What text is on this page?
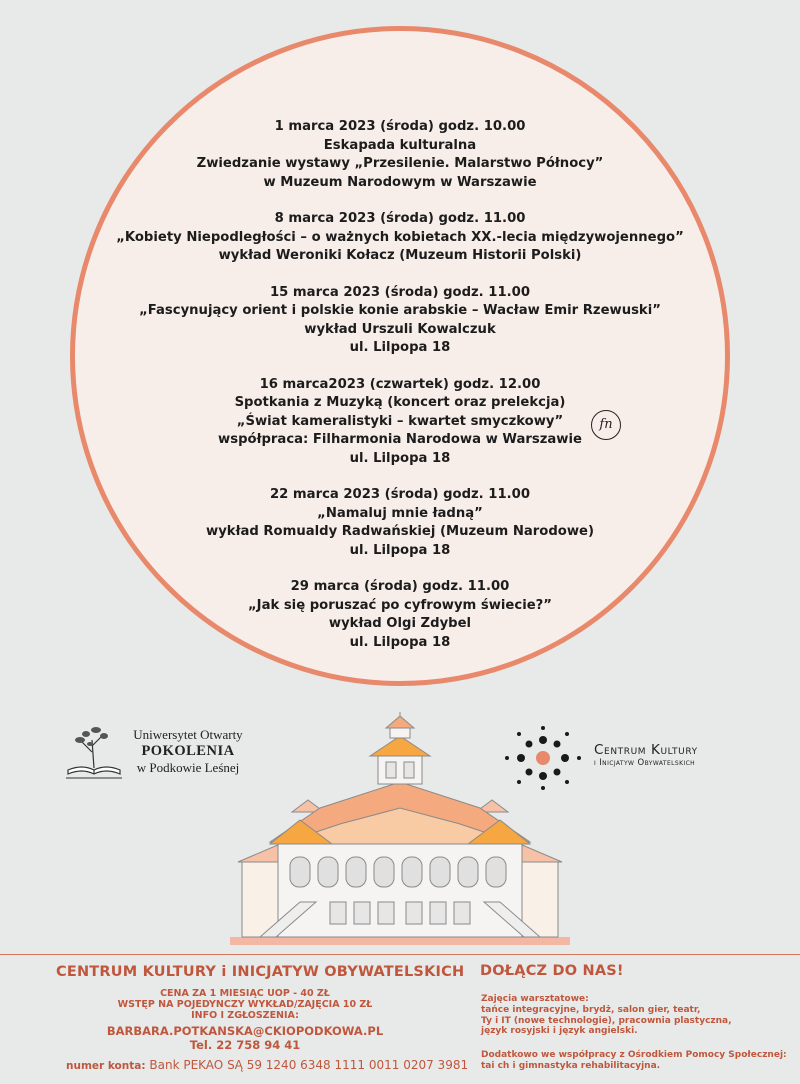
1 marca 2023 (środa) godz. 10.00
Eskapada kulturalna
Zwiedzanie wystawy „Przesilenie. Malarstwo Północy”
w Muzeum Narodowym w Warszawie
8 marca 2023 (środa) godz. 11.00
„Kobiety Niepodległości – o ważnych kobietach XX.-lecia międzywojennego”
wykład Weroniki Kołacz (Muzeum Historii Polski)
15 marca 2023 (środa) godz. 11.00
„Fascynujący orient i polskie konie arabskie – Wacław Emir Rzewuski”
wykład Urszuli Kowalczuk
ul. Lilpopa 18
16 marca2023 (czwartek) godz. 12.00
Spotkania z Muzyką (koncert oraz prelekcja)
„Świat kameralistyki – kwartet smyczkowy”
współpraca: Filharmonia Narodowa w Warszawie
ul. Lilpopa 18
22 marca 2023 (środa) godz. 11.00
„Namaluj mnie ładną”
wykład Romualdy Radwańskiej (Muzeum Narodowe)
ul. Lilpopa 18
29 marca (środa) godz. 11.00
„Jak się poruszać po cyfrowym świecie?”
wykład Olgi Zdybel
ul. Lilpopa 18
fn
Uniwersytet Otwarty
POKOLENIA
w Podkowie Leśnej
Centrum Kultury
i Inicjatyw Obywatelskich
CENTRUM KULTURY i INICJATYW OBYWATELSKICH
CENA ZA 1 MIESIĄC UOP - 40 ZŁ
WSTĘP NA POJEDYNCZY WYKŁAD/ZAJĘCIA 10 ZŁ
INFO I ZGŁOSZENIA:
BARBARA.POTKANSKA@CKIOPODKOWA.PL
Tel. 22 758 94 41
numer konta: Bank PEKAO SĄ 59 1240 6348 1111 0011 0207 3981
DOŁĄCZ DO NAS!
Zajęcia warsztatowe:
tańce integracyjne, brydż, salon gier, teatr,
Ty i IT (nowe technologie), pracownia plastyczna,
język rosyjski i język angielski.
Dodatkowo we współpracy z Ośrodkiem Pomocy Społecznej:
tai ch i gimnastyka rehabilitacyjna.
